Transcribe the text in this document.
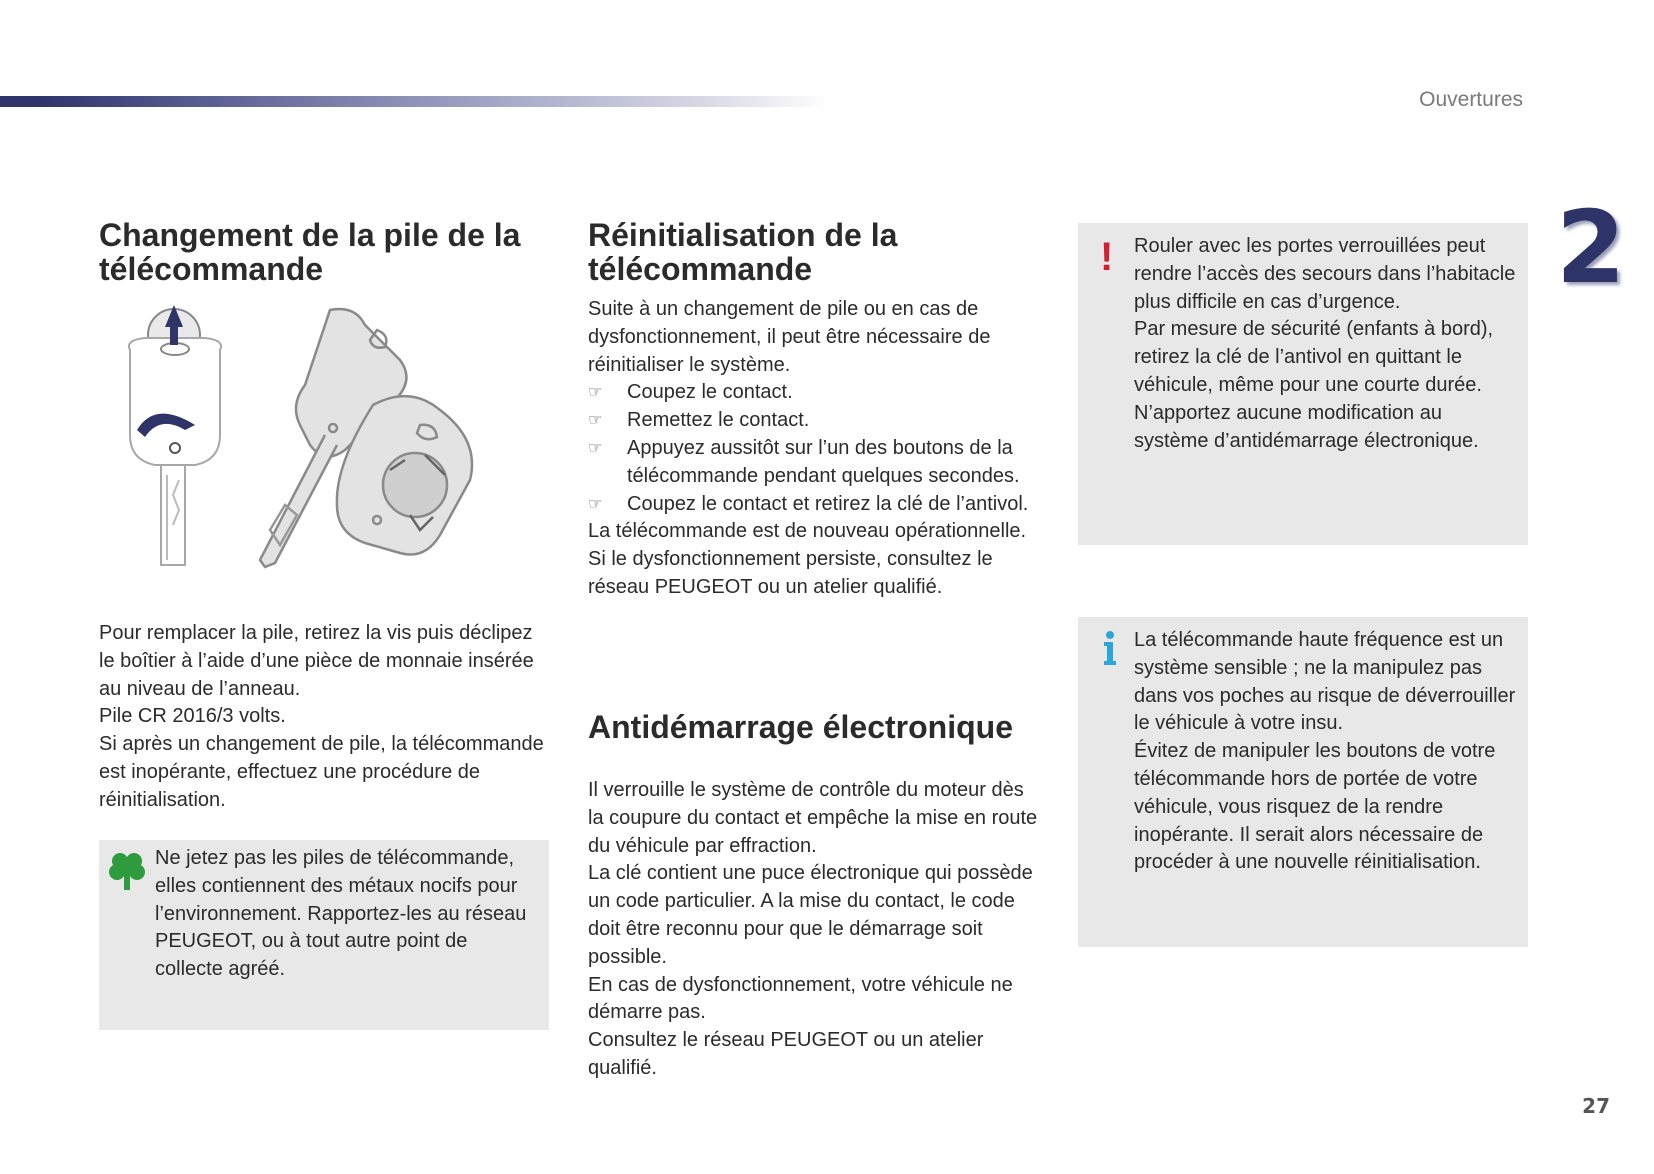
Ouvertures
2
27
Changement de la pile de la télécommande

Pour remplacer la pile, retirez la vis puis déclipez le boîtier à l’aide d’une pièce de monnaie insérée au niveau de l’anneau.

Pile CR 2016/3 volts.

Si après un changement de pile, la télécommande est inopérante, effectuez une procédure de réinitialisation.

Ne jetez pas les piles de télécommande, elles contiennent des métaux nocifs pour l’environnement. Rapportez-les au réseau PEUGEOT, ou à tout autre point de collecte agréé.

Réinitialisation de la télécommande

Suite à un changement de pile ou en cas de dysfonctionnement, il peut être nécessaire de réinitialiser le système.

☞ Coupez le contact.
☞ Remettez le contact.
☞ Appuyez aussitôt sur l’un des boutons de la télécommande pendant quelques secondes.
☞ Coupez le contact et retirez la clé de l’antivol.

La télécommande est de nouveau opérationnelle.

Si le dysfonctionnement persiste, consultez le réseau PEUGEOT ou un atelier qualifié.

Antidémarrage électronique

Il verrouille le système de contrôle du moteur dès la coupure du contact et empêche la mise en route du véhicule par effraction.

La clé contient une puce électronique qui possède un code particulier. A la mise du contact, le code doit être reconnu pour que le démarrage soit possible.

En cas de dysfonctionnement, votre véhicule ne démarre pas.

Consultez le réseau PEUGEOT ou un atelier qualifié.

! Rouler avec les portes verrouillées peut rendre l’accès des secours dans l’habitacle plus difficile en cas d’urgence.

Par mesure de sécurité (enfants à bord), retirez la clé de l’antivol en quittant le véhicule, même pour une courte durée.

N’apportez aucune modification au système d’antidémarrage électronique.

La télécommande haute fréquence est un système sensible ; ne la manipulez pas dans vos poches au risque de déverrouiller le véhicule à votre insu.

Évitez de manipuler les boutons de votre télécommande hors de portée de votre véhicule, vous risquez de la rendre inopérante. Il serait alors nécessaire de procéder à une nouvelle réinitialisation.
